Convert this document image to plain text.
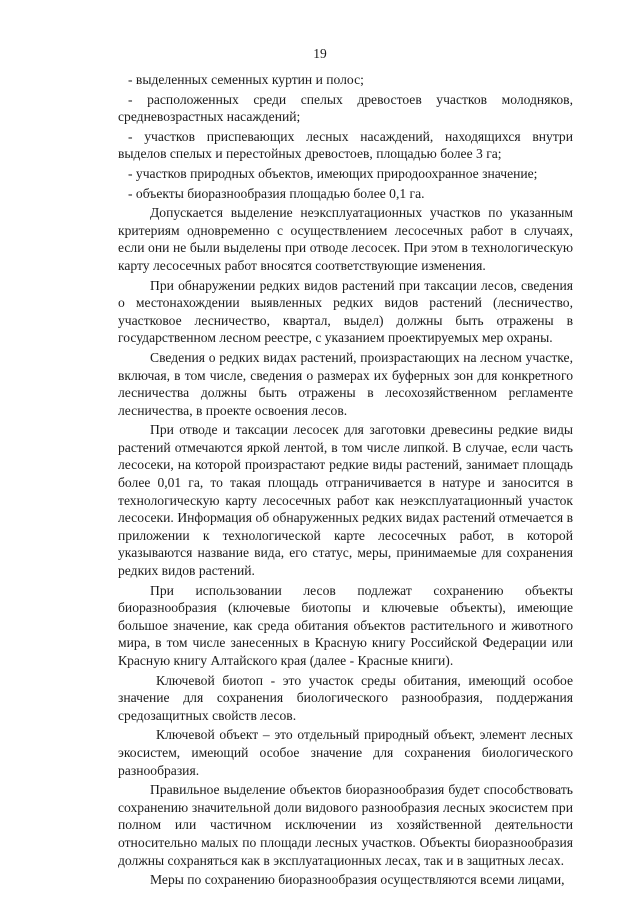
19

- выделенных семенных куртин и полос;

- расположенных среди спелых древостоев участков молодняков, средневозрастных насаждений;

- участков приспевающих лесных насаждений, находящихся внутри выделов спелых и перестойных древостоев, площадью более 3 га;

- участков природных объектов, имеющих природоохранное значение;

- объекты биоразнообразия площадью более 0,1 га.

Допускается выделение неэксплуатационных участков по указанным критериям одновременно с осуществлением лесосечных работ в случаях, если они не были выделены при отводе лесосек. При этом в технологическую карту лесосечных работ вносятся соответствующие изменения.

При обнаружении редких видов растений при таксации лесов, сведения о местонахождении выявленных редких видов растений (лесничество, участковое лесничество, квартал, выдел) должны быть отражены в государственном лесном реестре, с указанием проектируемых мер охраны.

Сведения о редких видах растений, произрастающих на лесном участке, включая, в том числе, сведения о размерах их буферных зон для конкретного лесничества должны быть отражены в лесохозяйственном регламенте лесничества, в проекте освоения лесов.

При отводе и таксации лесосек для заготовки древесины редкие виды растений отмечаются яркой лентой, в том числе липкой. В случае, если часть лесосеки, на которой произрастают редкие виды растений, занимает площадь более 0,01 га, то такая площадь отграничивается в натуре и заносится в технологическую карту лесосечных работ как неэксплуатационный участок лесосеки. Информация об обнаруженных редких видах растений отмечается в приложении к технологической карте лесосечных работ, в которой указываются название вида, его статус, меры, принимаемые для сохранения редких видов растений.

При использовании лесов подлежат сохранению объекты биоразнообразия (ключевые биотопы и ключевые объекты), имеющие большое значение, как среда обитания объектов растительного и животного мира, в том числе занесенных в Красную книгу Российской Федерации или Красную книгу Алтайского края (далее - Красные книги).

Ключевой биотоп - это участок среды обитания, имеющий особое значение для сохранения биологического разнообразия, поддержания средозащитных свойств лесов.

Ключевой объект – это отдельный природный объект, элемент лесных экосистем, имеющий особое значение для сохранения биологического разнообразия.

Правильное выделение объектов биоразнообразия будет способствовать сохранению значительной доли видового разнообразия лесных экосистем при полном или частичном исключении из хозяйственной деятельности относительно малых по площади лесных участков. Объекты биоразнообразия должны сохраняться как в эксплуатационных лесах, так и в защитных лесах.

Меры по сохранению биоразнообразия осуществляются всеми лицами,
